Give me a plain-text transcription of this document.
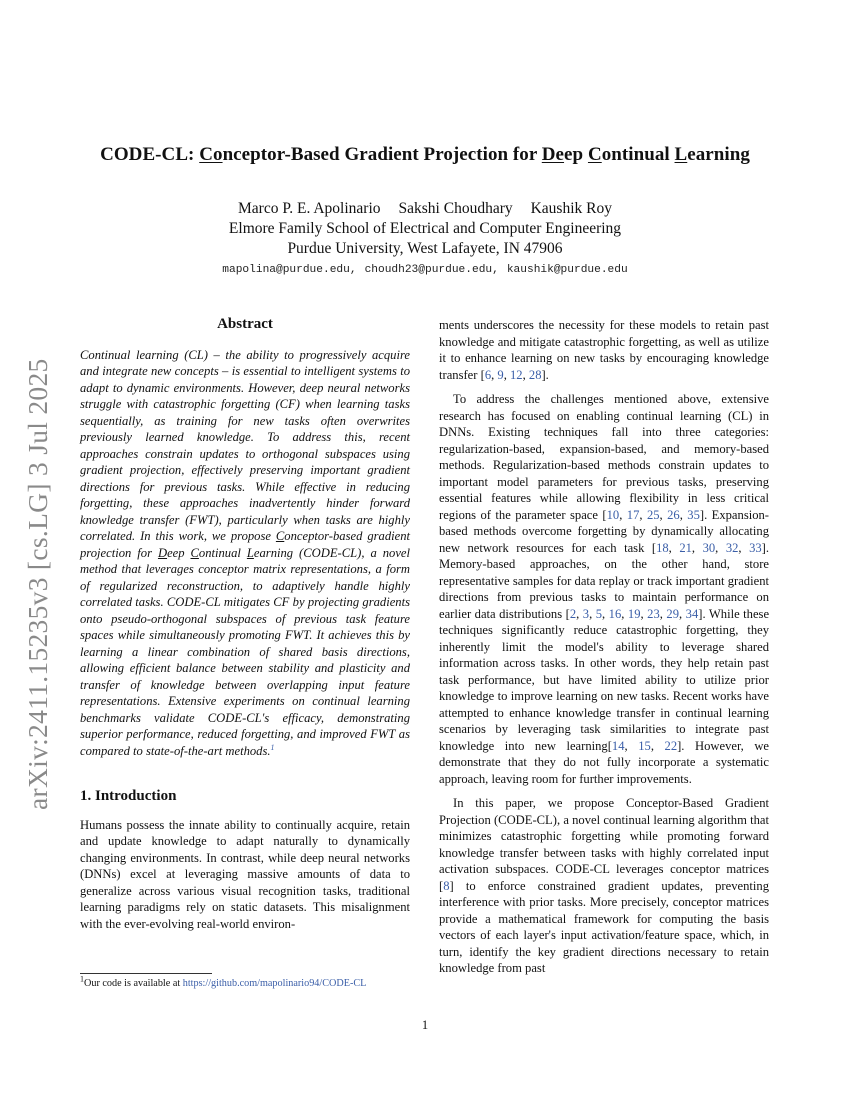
CODE-CL: Conceptor-Based Gradient Projection for Deep Continual Learning
Marco P. E. Apolinario Sakshi Choudhary Kaushik Roy
Elmore Family School of Electrical and Computer Engineering
Purdue University, West Lafayete, IN 47906
mapolina@purdue.edu, choudh23@purdue.edu, kaushik@purdue.edu
arXiv:2411.15235v3 [cs.LG] 3 Jul 2025
Abstract

Continual learning (CL) – the ability to progressively acquire and integrate new concepts – is essential to intelligent systems to adapt to dynamic environments. However, deep neural networks struggle with catastrophic forgetting (CF) when learning tasks sequentially, as training for new tasks often overwrites previously learned knowledge. To address this, recent approaches constrain updates to orthogonal subspaces using gradient projection, effectively preserving important gradient directions for previous tasks. While effective in reducing forgetting, these approaches inadvertently hinder forward knowledge transfer (FWT), particularly when tasks are highly correlated. In this work, we propose Conceptor-based gradient projection for Deep Continual Learning (CODE-CL), a novel method that leverages conceptor matrix representations, a form of regularized reconstruction, to adaptively handle highly correlated tasks. CODE-CL mitigates CF by projecting gradients onto pseudo-orthogonal subspaces of previous task feature spaces while simultaneously promoting FWT. It achieves this by learning a linear combination of shared basis directions, allowing efficient balance between stability and plasticity and transfer of knowledge between overlapping input feature representations. Extensive experiments on continual learning benchmarks validate CODE-CL's efficacy, demonstrating superior performance, reduced forgetting, and improved FWT as compared to state-of-the-art methods.$^1$

1. Introduction

Humans possess the innate ability to continually acquire, retain and update knowledge to adapt naturally to dynamically changing environments. In contrast, while deep neural networks (DNNs) excel at leveraging massive amounts of data to generalize across various visual recognition tasks, traditional learning paradigms rely on static datasets. This misalignment with the ever-evolving real-world environ-

ments underscores the necessity for these models to retain past knowledge and mitigate catastrophic forgetting, as well as utilize it to enhance learning on new tasks by encouraging knowledge transfer [6, 9, 12, 28].

To address the challenges mentioned above, extensive research has focused on enabling continual learning (CL) in DNNs. Existing techniques fall into three categories: regularization-based, expansion-based, and memory-based methods. Regularization-based methods constrain updates to important model parameters for previous tasks, preserving essential features while allowing flexibility in less critical regions of the parameter space [10, 17, 25, 26, 35]. Expansion-based methods overcome forgetting by dynamically allocating new network resources for each task [18, 21, 30, 32, 33]. Memory-based approaches, on the other hand, store representative samples for data replay or track important gradient directions from previous tasks to maintain performance on earlier data distributions [2, 3, 5, 16, 19, 23, 29, 34]. While these techniques significantly reduce catastrophic forgetting, they inherently limit the model's ability to leverage shared information across tasks. In other words, they help retain past task performance, but have limited ability to utilize prior knowledge to improve learning on new tasks. Recent works have attempted to enhance knowledge transfer in continual learning scenarios by leveraging task similarities to integrate past knowledge into new learning[14, 15, 22]. However, we demonstrate that they do not fully incorporate a systematic approach, leaving room for further improvements.

In this paper, we propose Conceptor-Based Gradient Projection (CODE-CL), a novel continual learning algorithm that minimizes catastrophic forgetting while promoting forward knowledge transfer between tasks with highly correlated input activation subspaces. CODE-CL leverages conceptor matrices [8] to enforce constrained gradient updates, preventing interference with prior tasks. More precisely, conceptor matrices provide a mathematical framework for computing the basis vectors of each layer's input activation/feature space, which, in turn, identify the key gradient directions necessary to retain knowledge from past

$^1$Our code is available at https://github.com/mapolinario94/CODE-CL
1
